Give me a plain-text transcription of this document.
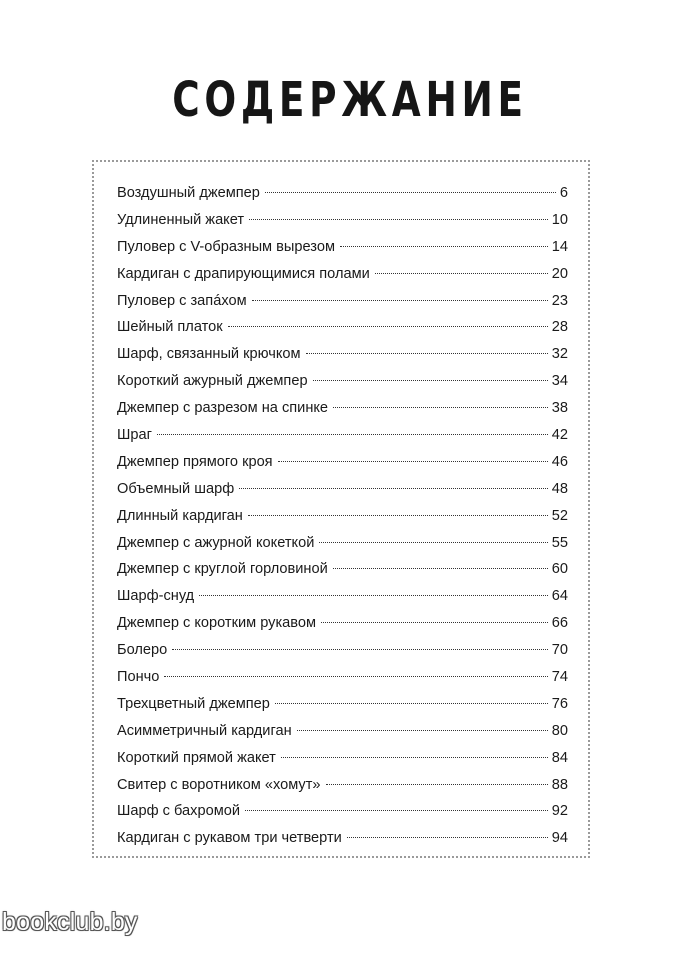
СОДЕРЖАНИЕ
Воздушный джемпер	6
Удлиненный жакет	10
Пуловер с V-образным вырезом	14
Кардиган с драпирующимися полами	20
Пуловер с запáхом	23
Шейный платок	28
Шарф, связанный крючком	32
Короткий ажурный джемпер	34
Джемпер с разрезом на спинке	38
Шраг	42
Джемпер прямого кроя	46
Объемный шарф	48
Длинный кардиган	52
Джемпер с ажурной кокеткой	55
Джемпер с круглой горловиной	60
Шарф-снуд	64
Джемпер с коротким рукавом	66
Болеро	70
Пончо	74
Трехцветный джемпер	76
Асимметричный кардиган	80
Короткий прямой жакет	84
Свитер с воротником «хомут»	88
Шарф с бахромой	92
Кардиган с рукавом три четверти	94
bookclub.by
